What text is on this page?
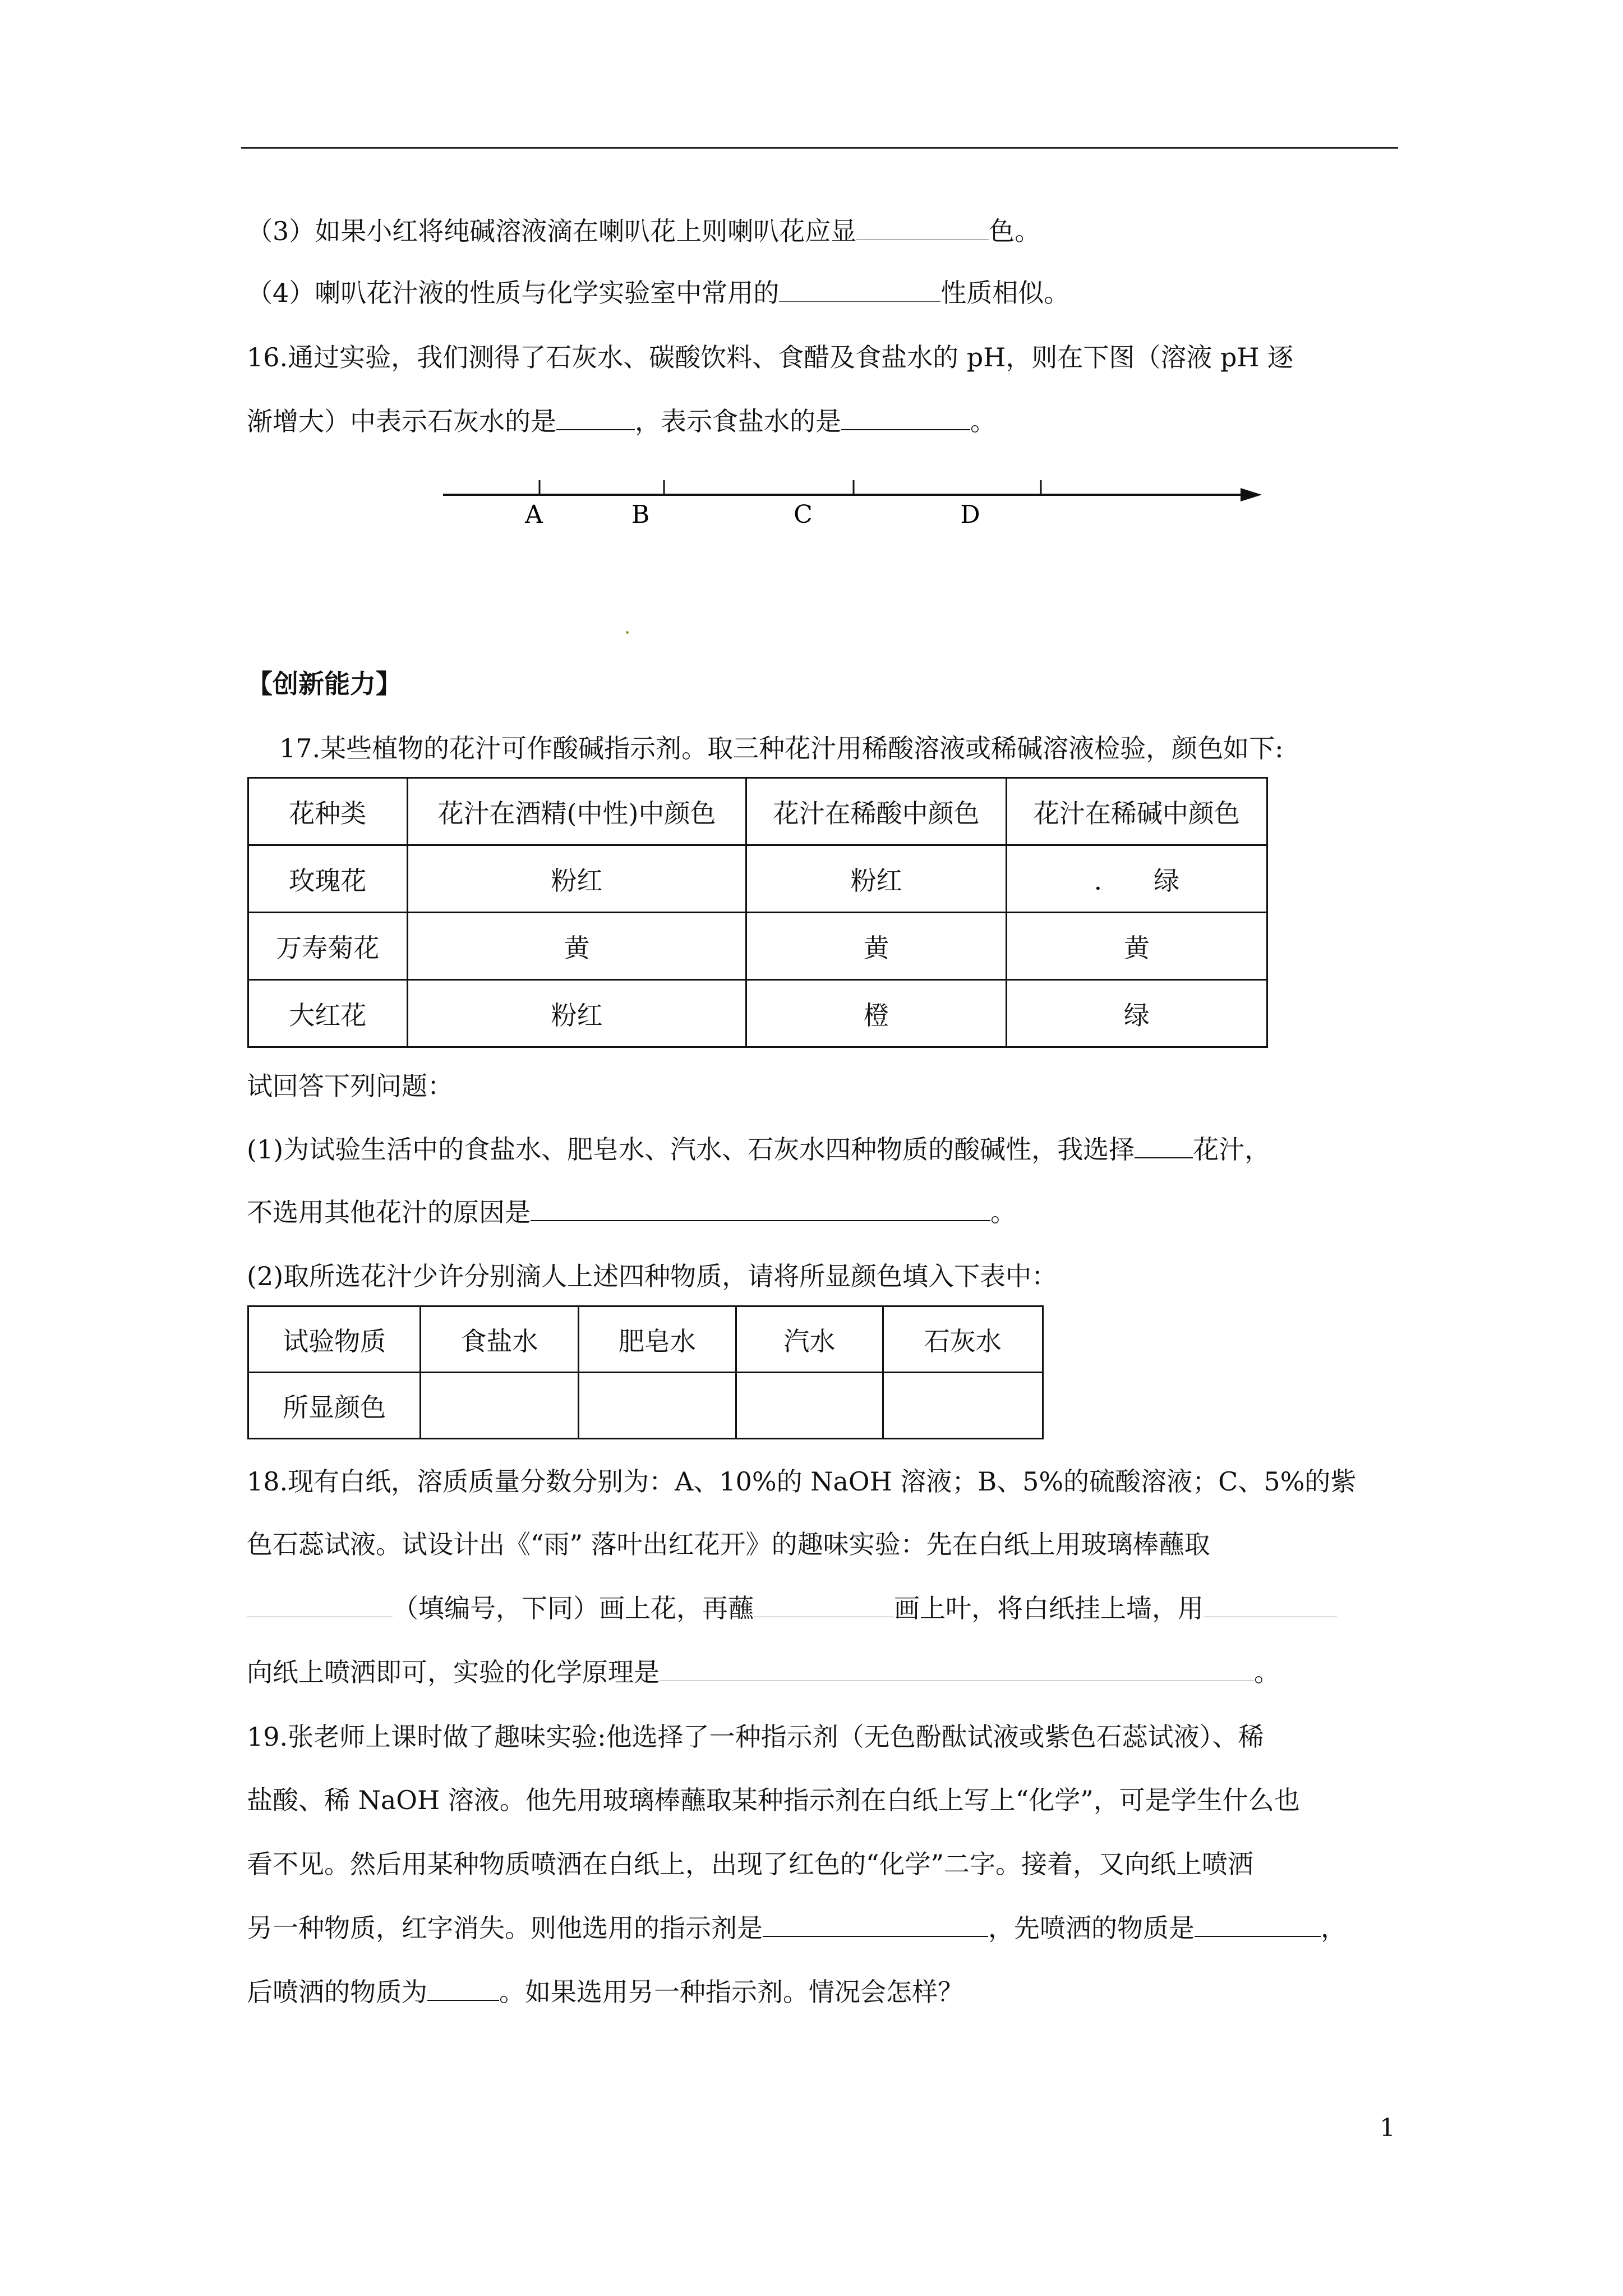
（3）如果小红将纯碱溶液滴在喇叭花上则喇叭花应显	色。
（4）喇叭花汁液的性质与化学实验室中常用的	性质相似。
16.通过实验，我们测得了石灰水、碳酸饮料、食醋及食盐水的 pH，则在下图（溶液 pH 逐
渐增大）中表示石灰水的是	，表示食盐水的是	。
A	B	C	D
【创新能力】
17.某些植物的花汁可作酸碱指示剂。取三种花汁用稀酸溶液或稀碱溶液检验，颜色如下:
花种类	花汁在酒精(中性)中颜色	花汁在稀酸中颜色	花汁在稀碱中颜色
玫瑰花	粉红	粉红	.　　绿
万寿菊花	黄	黄	黄
大红花	粉红	橙	绿
试回答下列问题：
(1)为试验生活中的食盐水、肥皂水、汽水、石灰水四种物质的酸碱性，我选择 花汁，
不选用其他花汁的原因是	。
(2)取所选花汁少许分别滴人上述四种物质，请将所显颜色填入下表中：
试验物质	食盐水	肥皂水	汽水	石灰水
所显颜色				
18.现有白纸，溶质质量分数分别为：A、10%的 NaOH 溶液；B、5%的硫酸溶液；C、5%的紫
色石蕊试液。试设计出《“雨” 落叶出红花开》的趣味实验：先在白纸上用玻璃棒蘸取
（填编号，下同）画上花，再蘸	画上叶，将白纸挂上墙，用
向纸上喷洒即可，实验的化学原理是	。
19.张老师上课时做了趣味实验:他选择了一种指示剂（无色酚酞试液或紫色石蕊试液）、稀
盐酸、稀 NaOH 溶液。他先用玻璃棒蘸取某种指示剂在白纸上写上“化学”，可是学生什么也
看不见。然后用某种物质喷洒在白纸上，出现了红色的“化学”二字。接着，又向纸上喷洒
另一种物质，红字消失。则他选用的指示剂是	，先喷洒的物质是	，
后喷洒的物质为	。如果选用另一种指示剂。情况会怎样？
1
